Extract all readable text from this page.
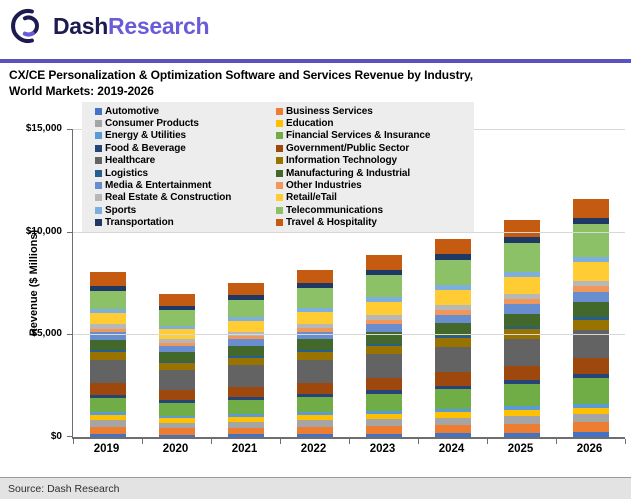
DashResearch
CX/CE Personalization & Optimization Software and Services Revenue by Industry,
World Markets: 2019-2026
Revenue ($ Millions)
$0
$5,000
$10,000
$15,000
2019	2020	2021	2022	2023	2024	2025	2026
Automotive	Business Services
Consumer Products	Education
Energy & Utilities	Financial Services & Insurance
Food & Beverage	Government/Public Sector
Healthcare	Information Technology
Logistics	Manufacturing & Industrial
Media & Entertainment	Other Industries
Real Estate & Construction	Retail/eTail
Sports	Telecommunications
Transportation	Travel & Hospitality
Source: Dash Research
